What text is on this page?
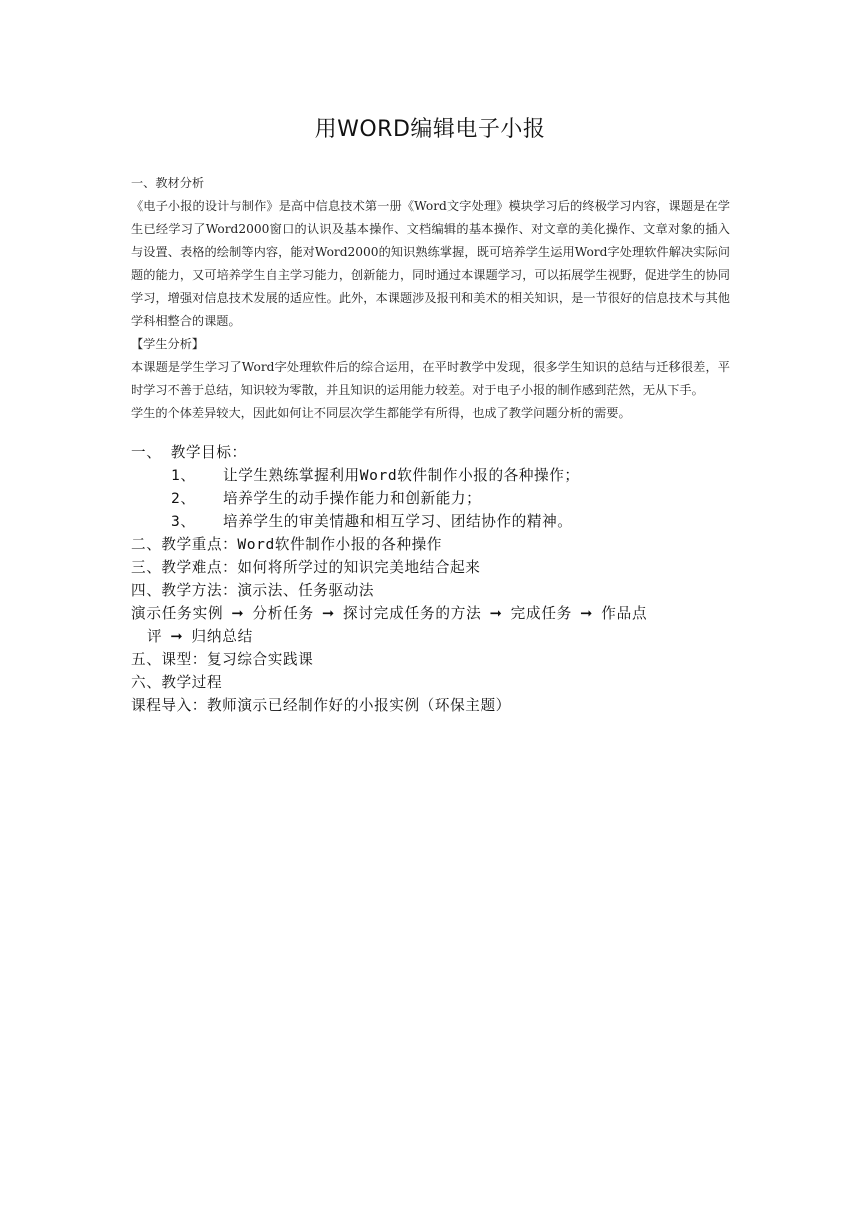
用WORD编辑电子小报

一、教材分析

《电子小报的设计与制作》是高中信息技术第一册《Word文字处理》模块学习后的终极学习内容，课题是在学生已经学习了Word2000窗口的认识及基本操作、文档编辑的基本操作、对文章的美化操作、文章对象的插入与设置、表格的绘制等内容，能对Word2000的知识熟练掌握，既可培养学生运用Word字处理软件解决实际问题的能力，又可培养学生自主学习能力，创新能力，同时通过本课题学习，可以拓展学生视野，促进学生的协同学习，增强对信息技术发展的适应性。此外，本课题涉及报刊和美术的相关知识，是一节很好的信息技术与其他学科相整合的课题。

【学生分析】

本课题是学生学习了Word字处理软件后的综合运用，在平时教学中发现，很多学生知识的总结与迁移很差，平时学习不善于总结，知识较为零散，并且知识的运用能力较差。对于电子小报的制作感到茫然，无从下手。

学生的个体差异较大，因此如何让不同层次学生都能学有所得，也成了教学问题分析的需要。

一、 教学目标：

1、 让学生熟练掌握利用Word软件制作小报的各种操作；

2、 培养学生的动手操作能力和创新能力；

3、 培养学生的审美情趣和相互学习、团结协作的精神。

二、教学重点：Word软件制作小报的各种操作

三、教学难点：如何将所学过的知识完美地结合起来

四、教学方法：演示法、任务驱动法

演示任务实例 ➞ 分析任务 ➞ 探讨完成任务的方法 ➞ 完成任务 ➞ 作品点

评 ➞ 归纳总结

五、课型：复习综合实践课

六、教学过程

课程导入：教师演示已经制作好的小报实例（环保主题）
